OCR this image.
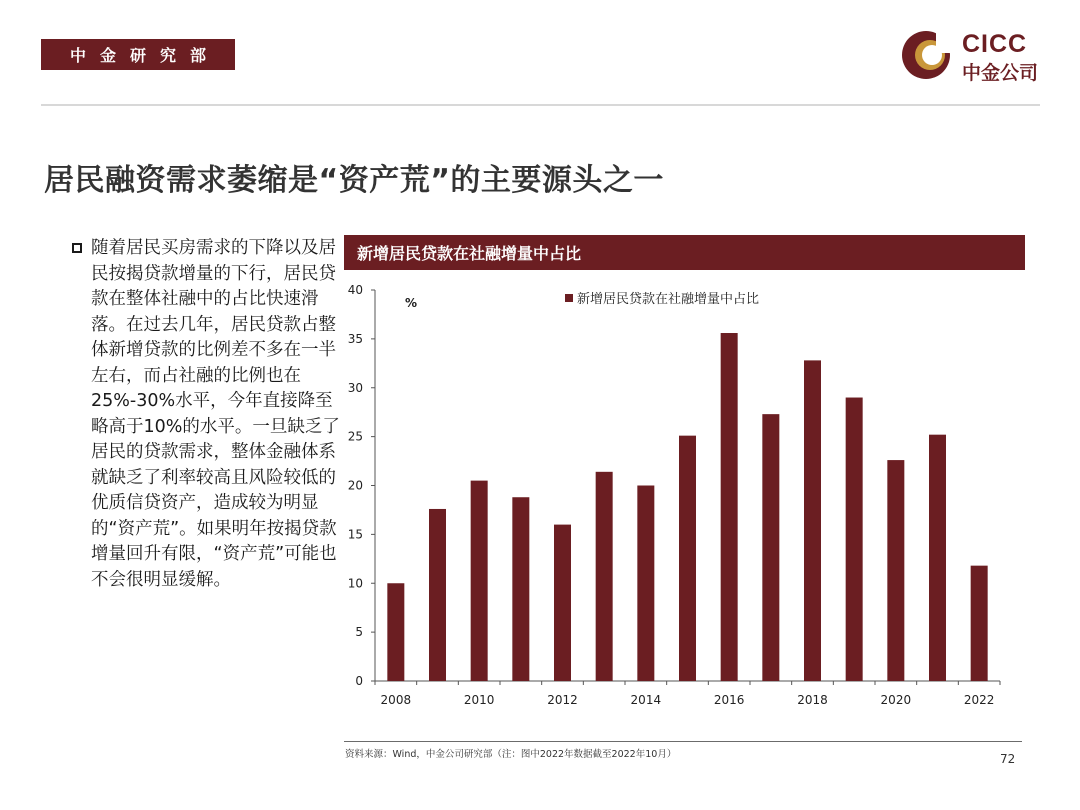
中金研究部	CICC
中金公司
居民融资需求萎缩是“资产荒”的主要源头之一
随着居民买房需求的下降以及居民按揭贷款增量的下行，居民贷款在整体社融中的占比快速滑落。在过去几年，居民贷款占整体新增贷款的比例差不多在一半左右，而占社融的比例也在25%-30%水平，今年直接降至略高于10%的水平。一旦缺乏了居民的贷款需求，整体金融体系就缺乏了利率较高且风险较低的优质信贷资产，造成较为明显的“资产荒”。如果明年按揭贷款增量回升有限，“资产荒”可能也不会很明显缓解。
新增居民贷款在社融增量中占比
0
5
10
15
20
25
30
35
40
%
2008	2010	2012	2014	2016	2018	2020	2022
新增居民贷款在社融增量中占比
资料来源：Wind，中金公司研究部（注：图中2022年数据截至2022年10月）	72
